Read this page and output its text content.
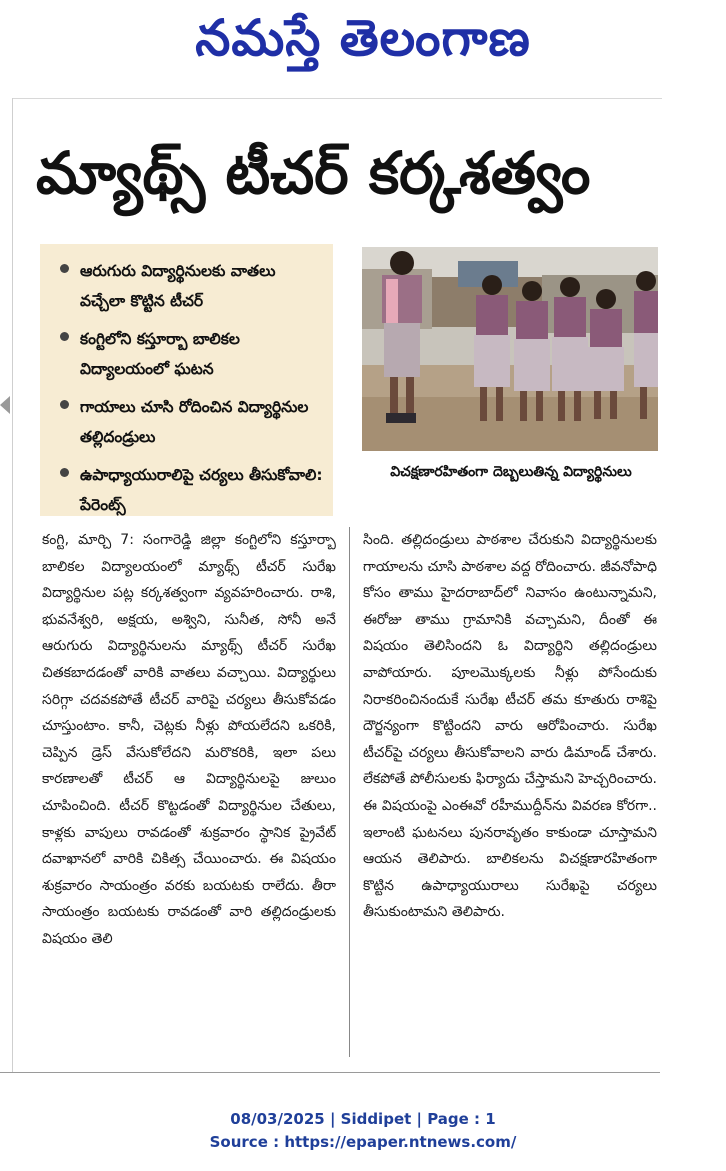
నమస్తే తెలంగాణ
మ్యాథ్స్‌ టీచర్‌ కర్కశత్వం
ఆరుగురు విద్యార్థినులకు వాతలు వచ్చేలా కొట్టిన టీచర్‌
కంగ్టిలోని కస్తూర్బా బాలికల విద్యాలయంలో ఘటన
గాయాలు చూసి రోదించిన విద్యార్థినుల తల్లిదండ్రులు
ఉపాధ్యాయురాలిపై చర్యలు తీసుకోవాలి: పేరెంట్స్‌
విచక్షణారహితంగా దెబ్బలుతిన్న విద్యార్థినులు
కంగ్టి, మార్చి 7: సంగారెడ్డి జిల్లా కంగ్టిలోని కస్తూర్బా బాలికల విద్యాలయంలో మ్యాథ్స్‌ టీచర్‌ సురేఖ విద్యార్థినుల పట్ల కర్కశత్వంగా వ్యవహరించారు. రాశి, భువనేశ్వరి, అక్షయ, అశ్విని, సునీత, సోనీ అనే ఆరుగురు విద్యార్థినులను మ్యాథ్స్‌ టీచర్‌ సురేఖ చితకబాదడంతో వారికి వాతలు వచ్చాయి. విద్యార్థులు సరిగ్గా చదవకపోతే టీచర్‌ వారిపై చర్యలు తీసుకోవడం చూస్తుంటాం. కానీ, చెట్లకు నీళ్లు పోయలేదని ఒకరికి, చెప్పిన డ్రెస్‌ వేసుకోలేదని మరొకరికి, ఇలా పలు కారణాలతో టీచర్‌ ఆ విద్యార్థినులపై జులుం చూపించింది. టీచర్‌ కొట్టడంతో విద్యార్థినుల చేతులు, కాళ్లకు వాపులు రావడంతో శుక్రవారం స్థానిక ప్రైవేట్‌ దవాఖానలో వారికి చికిత్స చేయించారు. ఈ విషయం శుక్రవారం సాయంత్రం వరకు బయటకు రాలేదు. తీరా సాయంత్రం బయటకు రావడంతో వారి తల్లిదండ్రులకు విషయం తెలి
సింది. తల్లిదండ్రులు పాఠశాల చేరుకుని విద్యార్థినులకు గాయాలను చూసి పాఠశాల వద్ద రోదించారు. జీవనోపాధి కోసం తాము హైదరాబాద్‌లో నివాసం ఉంటున్నామని, ఈరోజు తాము గ్రామానికి వచ్చామని, దీంతో ఈ విషయం తెలిసిందని ఓ విద్యార్థిని తల్లిదండ్రులు వాపోయారు. పూలమొక్కలకు నీళ్లు పోసేందుకు నిరాకరించినందుకే సురేఖ టీచర్‌ తమ కూతురు రాశిపై దౌర్జన్యంగా కొట్టిందని వారు ఆరోపించారు. సురేఖ టీచర్‌పై చర్యలు తీసుకోవాలని వారు డిమాండ్‌ చేశారు. లేకపోతే పోలీసులకు ఫిర్యాదు చేస్తామని హెచ్చరించారు. ఈ విషయంపై ఎంఈవో రహీముద్దీన్‌ను వివరణ కోరగా.. ఇలాంటి ఘటనలు పునరావృతం కాకుండా చూస్తామని ఆయన తెలిపారు. బాలికలను విచక్షణారహితంగా కొట్టిన ఉపాధ్యాయురాలు సురేఖపై చర్యలు తీసుకుంటామని తెలిపారు.
08/03/2025 | Siddipet | Page : 1
Source : https://epaper.ntnews.com/
